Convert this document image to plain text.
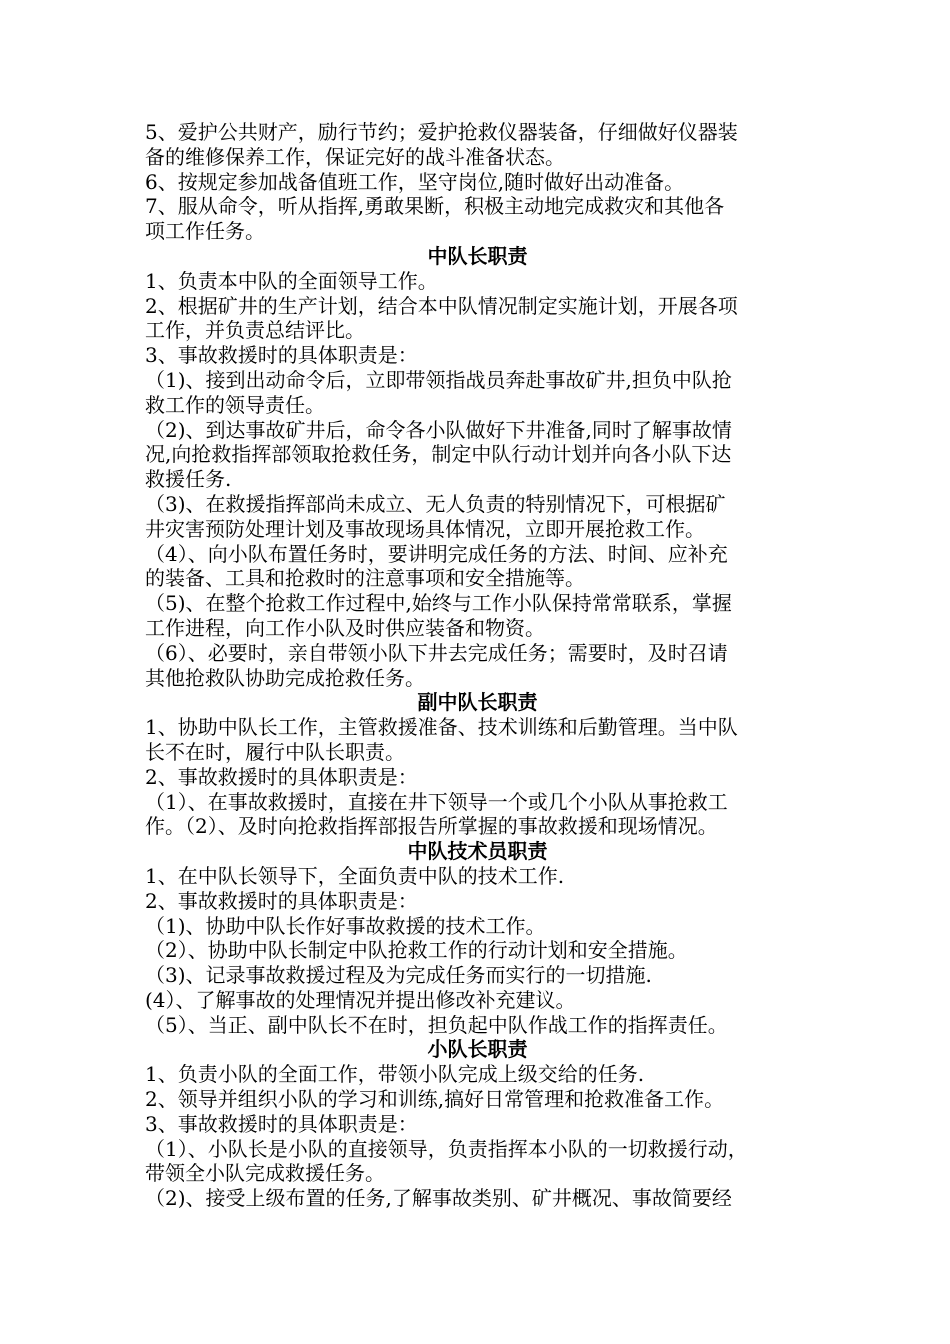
5、爱护公共财产，励行节约；爱护抢救仪器装备，仔细做好仪器装
备的维修保养工作，保证完好的战斗准备状态。
6、按规定参加战备值班工作，坚守岗位,随时做好出动准备。
7、服从命令，听从指挥,勇敢果断，积极主动地完成救灾和其他各
项工作任务。
中队长职责
1、负责本中队的全面领导工作。
2、根据矿井的生产计划，结合本中队情况制定实施计划，开展各项
工作，并负责总结评比。
3、事故救援时的具体职责是：
（1)、接到出动命令后，立即带领指战员奔赴事故矿井,担负中队抢
救工作的领导责任。
（2)、到达事故矿井后，命令各小队做好下井准备,同时了解事故情
况,向抢救指挥部领取抢救任务，制定中队行动计划并向各小队下达
救援任务.
（3)、在救援指挥部尚未成立、无人负责的特别情况下，可根据矿
井灾害预防处理计划及事故现场具体情况，立即开展抢救工作。
（4）、向小队布置任务时，要讲明完成任务的方法、时间、应补充
的装备、工具和抢救时的注意事项和安全措施等。
（5)、在整个抢救工作过程中,始终与工作小队保持常常联系，掌握
工作进程，向工作小队及时供应装备和物资。
（6）、必要时，亲自带领小队下井去完成任务；需要时，及时召请
其他抢救队协助完成抢救任务。
副中队长职责
1、协助中队长工作，主管救援准备、技术训练和后勤管理。当中队
长不在时，履行中队长职责。
2、事故救援时的具体职责是：
（1）、在事故救援时，直接在井下领导一个或几个小队从事抢救工
作。（2）、及时向抢救指挥部报告所掌握的事故救援和现场情况。
中队技术员职责
1、在中队长领导下，全面负责中队的技术工作.
2、事故救援时的具体职责是：
（1)、协助中队长作好事故救援的技术工作。
（2）、协助中队长制定中队抢救工作的行动计划和安全措施。
（3)、记录事故救援过程及为完成任务而实行的一切措施.
(4）、了解事故的处理情况并提出修改补充建议。
（5）、当正、副中队长不在时，担负起中队作战工作的指挥责任。
小队长职责
1、负责小队的全面工作，带领小队完成上级交给的任务.
2、领导并组织小队的学习和训练,搞好日常管理和抢救准备工作。
3、事故救援时的具体职责是：
（1）、小队长是小队的直接领导，负责指挥本小队的一切救援行动，
带领全小队完成救援任务。
（2)、接受上级布置的任务,了解事故类别、矿井概况、事故简要经
